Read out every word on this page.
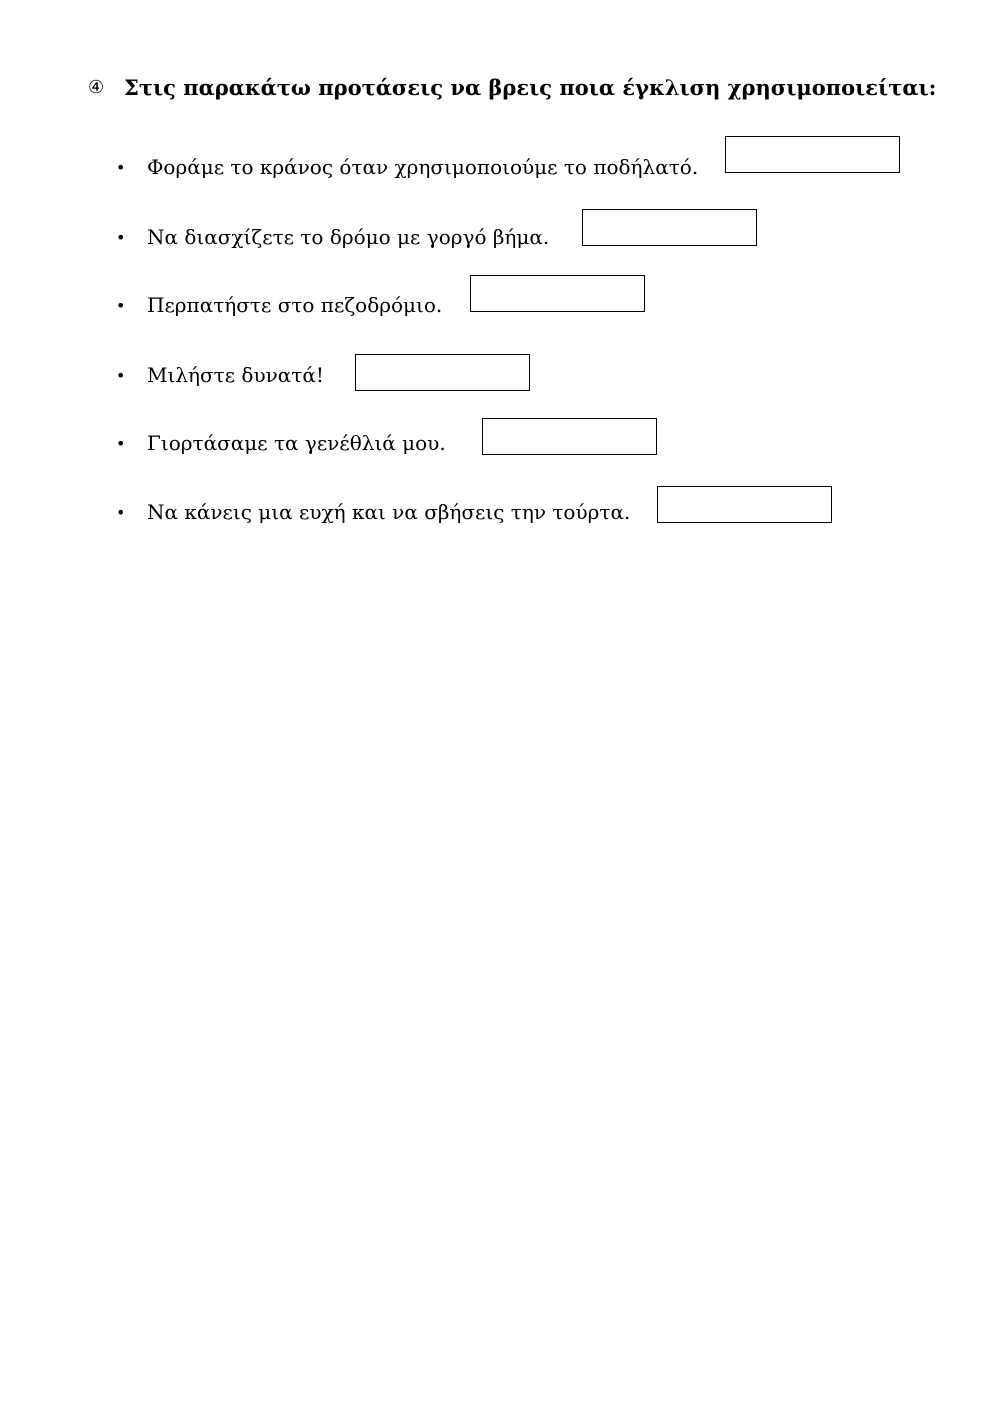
④ Στις παρακάτω προτάσεις να βρεις ποια έγκλιση χρησιμοποιείται:
•	Φοράμε το κράνος όταν χρησιμοποιούμε το ποδήλατό.
•	Να διασχίζετε το δρόμο με γοργό βήμα.
•	Περπατήστε στο πεζοδρόμιο.
•	Μιλήστε δυνατά!
•	Γιορτάσαμε τα γενέθλιά μου.
•	Να κάνεις μια ευχή και να σβήσεις την τούρτα.
